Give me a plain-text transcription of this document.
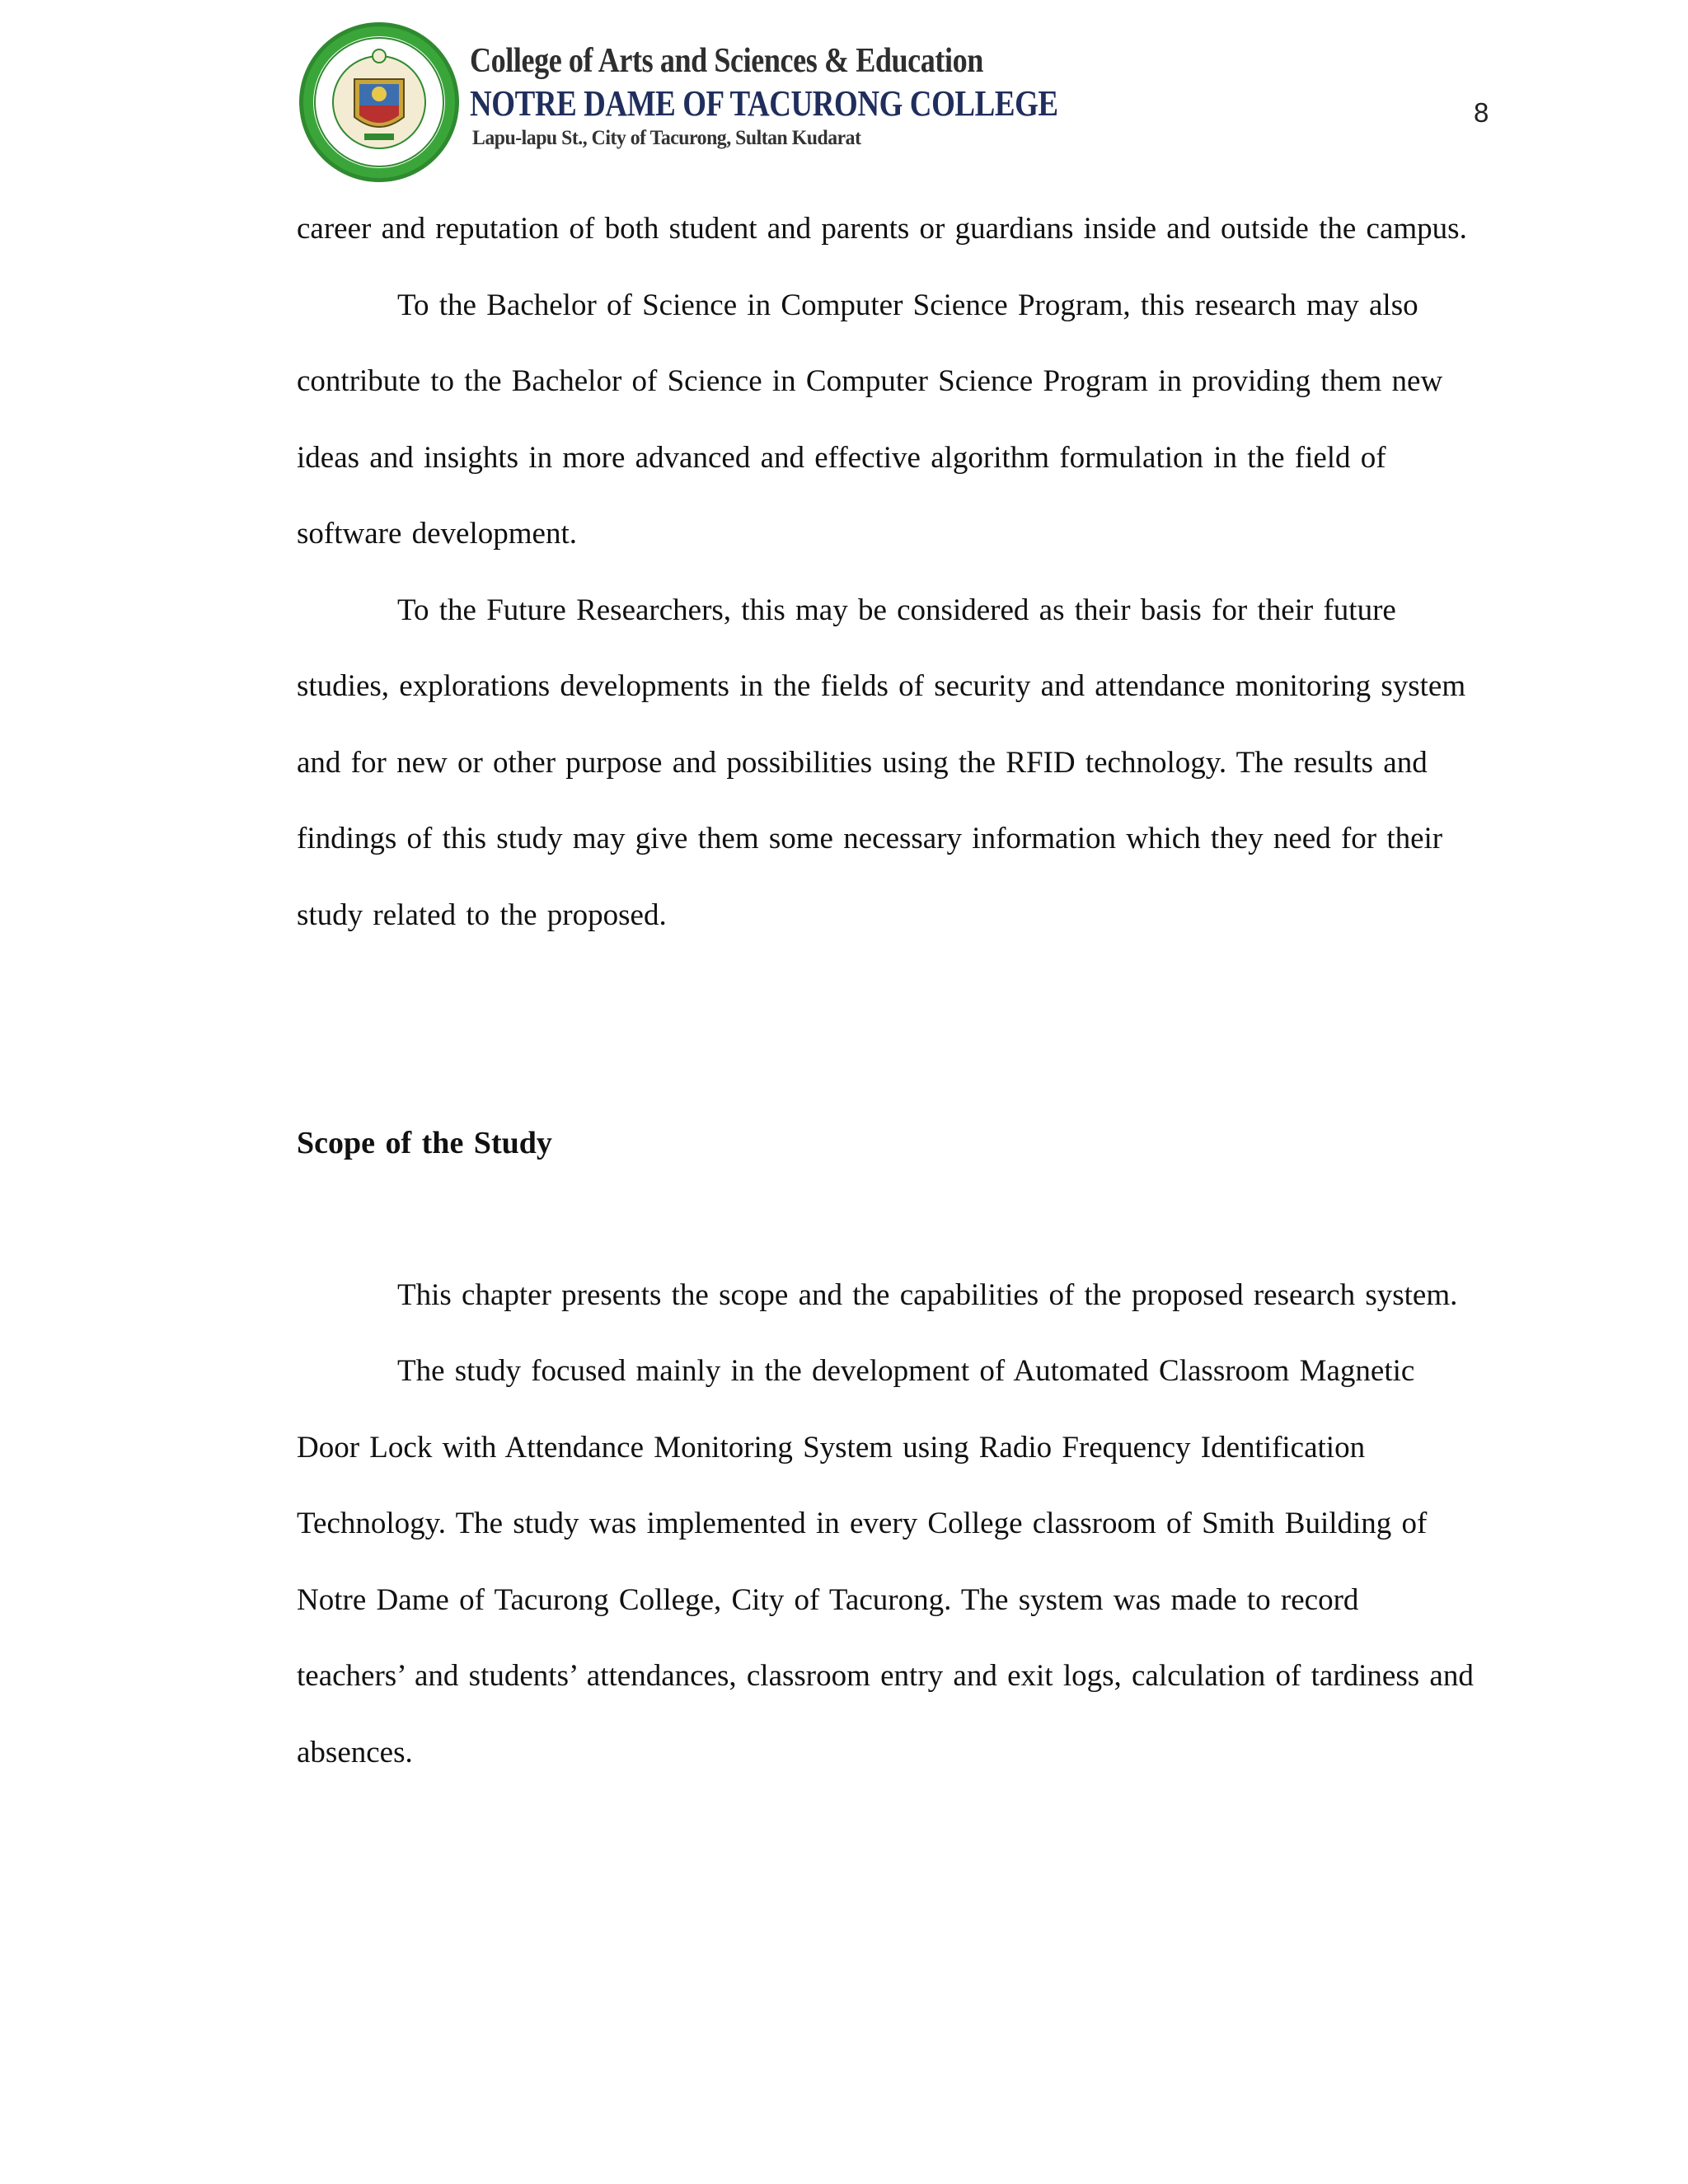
College of Arts and Sciences & Education
NOTRE DAME OF TACURONG COLLEGE
Lapu-lapu St., City of Tacurong, Sultan Kudarat
8

career and reputation of both student and parents or guardians inside and outside the campus.

To the Bachelor of Science in Computer Science Program, this research may also contribute to the Bachelor of Science in Computer Science Program in providing them new ideas and insights in more advanced and effective algorithm formulation in the field of software development.

To the Future Researchers, this may be considered as their basis for their future studies, explorations developments in the fields of security and attendance monitoring system and for new or other purpose and possibilities using the RFID technology. The results and findings of this study may give them some necessary information which they need for their study related to the proposed.

Scope of the Study

This chapter presents the scope and the capabilities of the proposed research system.

The study focused mainly in the development of Automated Classroom Magnetic Door Lock with Attendance Monitoring System using Radio Frequency Identification Technology. The study was implemented in every College classroom of Smith Building of Notre Dame of Tacurong College, City of Tacurong. The system was made to record teachers’ and students’ attendances, classroom entry and exit logs, calculation of tardiness and absences.
